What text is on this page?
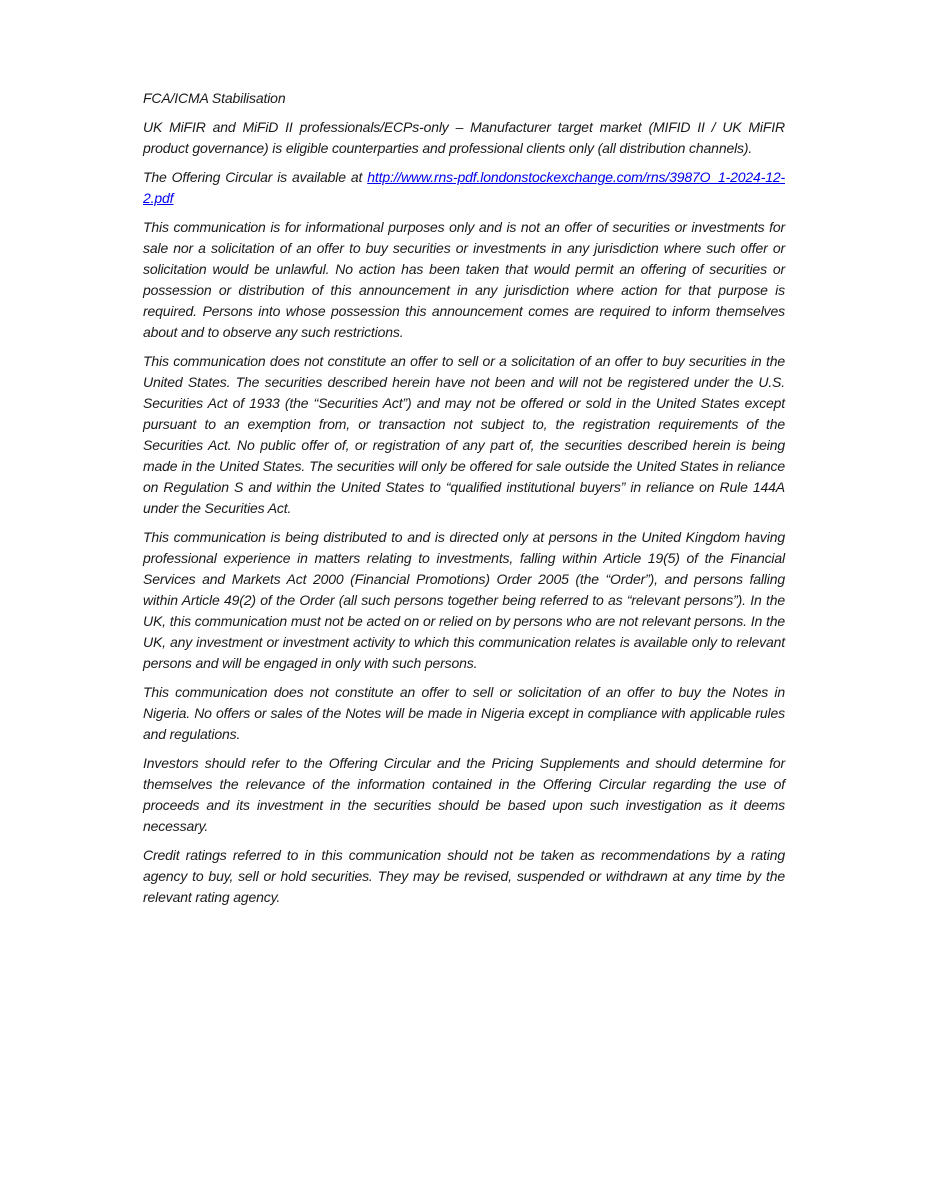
FCA/ICMA Stabilisation

UK MiFIR and MiFiD II professionals/ECPs-only – Manufacturer target market (MIFID II / UK MiFIR product governance) is eligible counterparties and professional clients only (all distribution channels).

The Offering Circular is available at http://www.rns-pdf.londonstockexchange.com/rns/3987O_1-2024-12-2.pdf

This communication is for informational purposes only and is not an offer of securities or investments for sale nor a solicitation of an offer to buy securities or investments in any jurisdiction where such offer or solicitation would be unlawful. No action has been taken that would permit an offering of securities or possession or distribution of this announcement in any jurisdiction where action for that purpose is required. Persons into whose possession this announcement comes are required to inform themselves about and to observe any such restrictions.

This communication does not constitute an offer to sell or a solicitation of an offer to buy securities in the United States. The securities described herein have not been and will not be registered under the U.S. Securities Act of 1933 (the “Securities Act”) and may not be offered or sold in the United States except pursuant to an exemption from, or transaction not subject to, the registration requirements of the Securities Act. No public offer of, or registration of any part of, the securities described herein is being made in the United States. The securities will only be offered for sale outside the United States in reliance on Regulation S and within the United States to “qualified institutional buyers” in reliance on Rule 144A under the Securities Act.

This communication is being distributed to and is directed only at persons in the United Kingdom having professional experience in matters relating to investments, falling within Article 19(5) of the Financial Services and Markets Act 2000 (Financial Promotions) Order 2005 (the “Order”), and persons falling within Article 49(2) of the Order (all such persons together being referred to as “relevant persons”). In the UK, this communication must not be acted on or relied on by persons who are not relevant persons. In the UK, any investment or investment activity to which this communication relates is available only to relevant persons and will be engaged in only with such persons.

This communication does not constitute an offer to sell or solicitation of an offer to buy the Notes in Nigeria. No offers or sales of the Notes will be made in Nigeria except in compliance with applicable rules and regulations.

Investors should refer to the Offering Circular and the Pricing Supplements and should determine for themselves the relevance of the information contained in the Offering Circular regarding the use of proceeds and its investment in the securities should be based upon such investigation as it deems necessary.

Credit ratings referred to in this communication should not be taken as recommendations by a rating agency to buy, sell or hold securities. They may be revised, suspended or withdrawn at any time by the relevant rating agency.
